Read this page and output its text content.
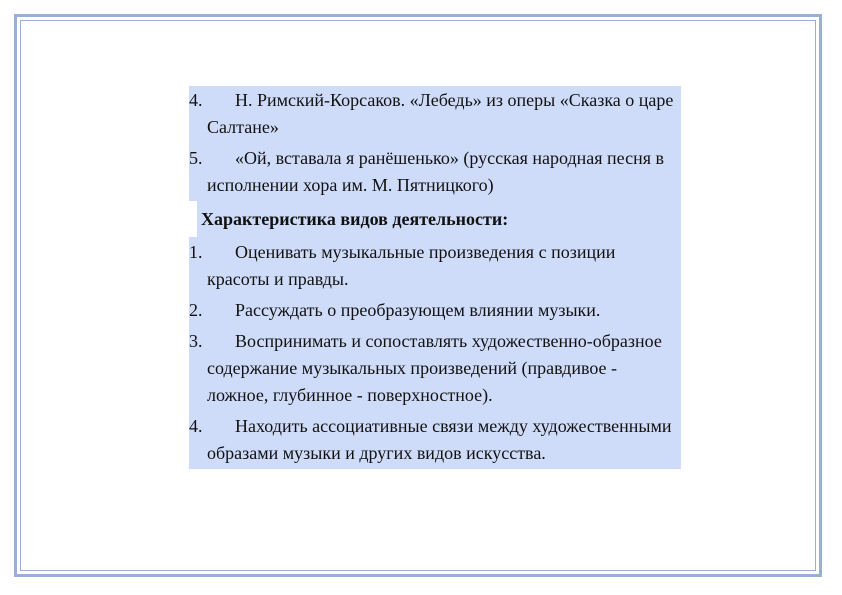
4.	Н. Римский-Корсаков. «Лебедь» из оперы «Сказка о царе Салтане»
5.	«Ой, вставала я ранёшенько» (русская народная песня в исполнении хора им. М. Пятницкого)
Характеристика видов деятельности:
1.	Оценивать музыкальные произведения с позиции красоты и правды.
2.	Рассуждать о преобразующем влиянии музыки.
3.	Воспринимать и сопоставлять художественно-образное содержание музыкальных произведений (правдивое - ложное, глубинное - поверхностное).
4.	Находить ассоциативные связи между художественными образами музыки и других видов искусства.
